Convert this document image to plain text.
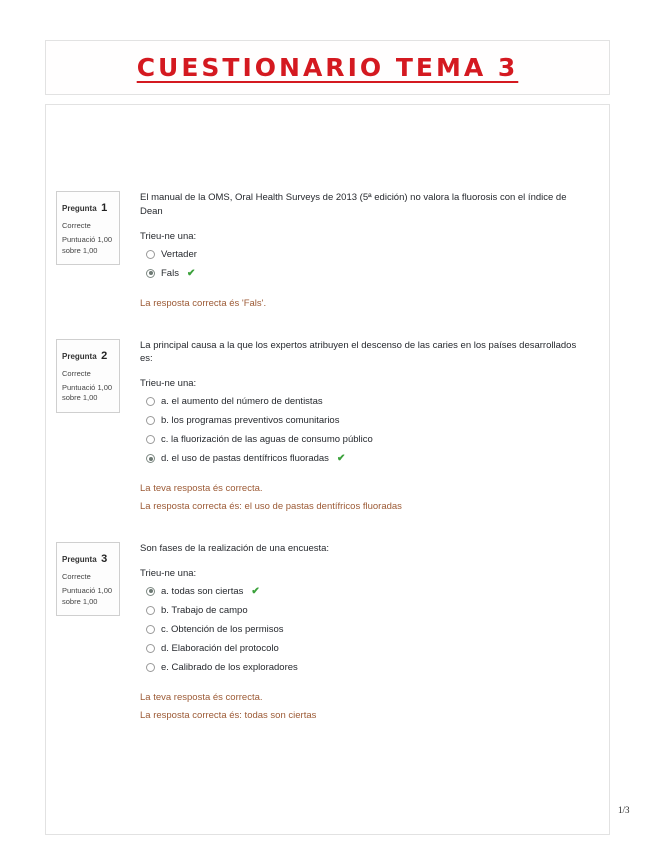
CUESTIONARIO TEMA 3
Pregunta 1
Correcte
Puntuació 1,00
sobre 1,00

El manual de la OMS, Oral Health Surveys de 2013 (5ª edición) no valora la fluorosis con el índice de Dean

Trieu-ne una:

Vertader
Fals ✔

La resposta correcta és 'Fals'.

Pregunta 2
Correcte
Puntuació 1,00
sobre 1,00

La principal causa a la que los expertos atribuyen el descenso de las caries en los países desarrollados es:

Trieu-ne una:

a. el aumento del número de dentistas
b. los programas preventivos comunitarios
c. la fluorización de las aguas de consumo público
d. el uso de pastas dentífricos fluoradas ✔

La teva resposta és correcta.

La resposta correcta és: el uso de pastas dentífricos fluoradas

Pregunta 3
Correcte
Puntuació 1,00
sobre 1,00

Son fases de la realización de una encuesta:

Trieu-ne una:

a. todas son ciertas ✔
b. Trabajo de campo
c. Obtención de los permisos
d. Elaboración del protocolo
e. Calibrado de los exploradores

La teva resposta és correcta.

La resposta correcta és: todas son ciertas

1/3
